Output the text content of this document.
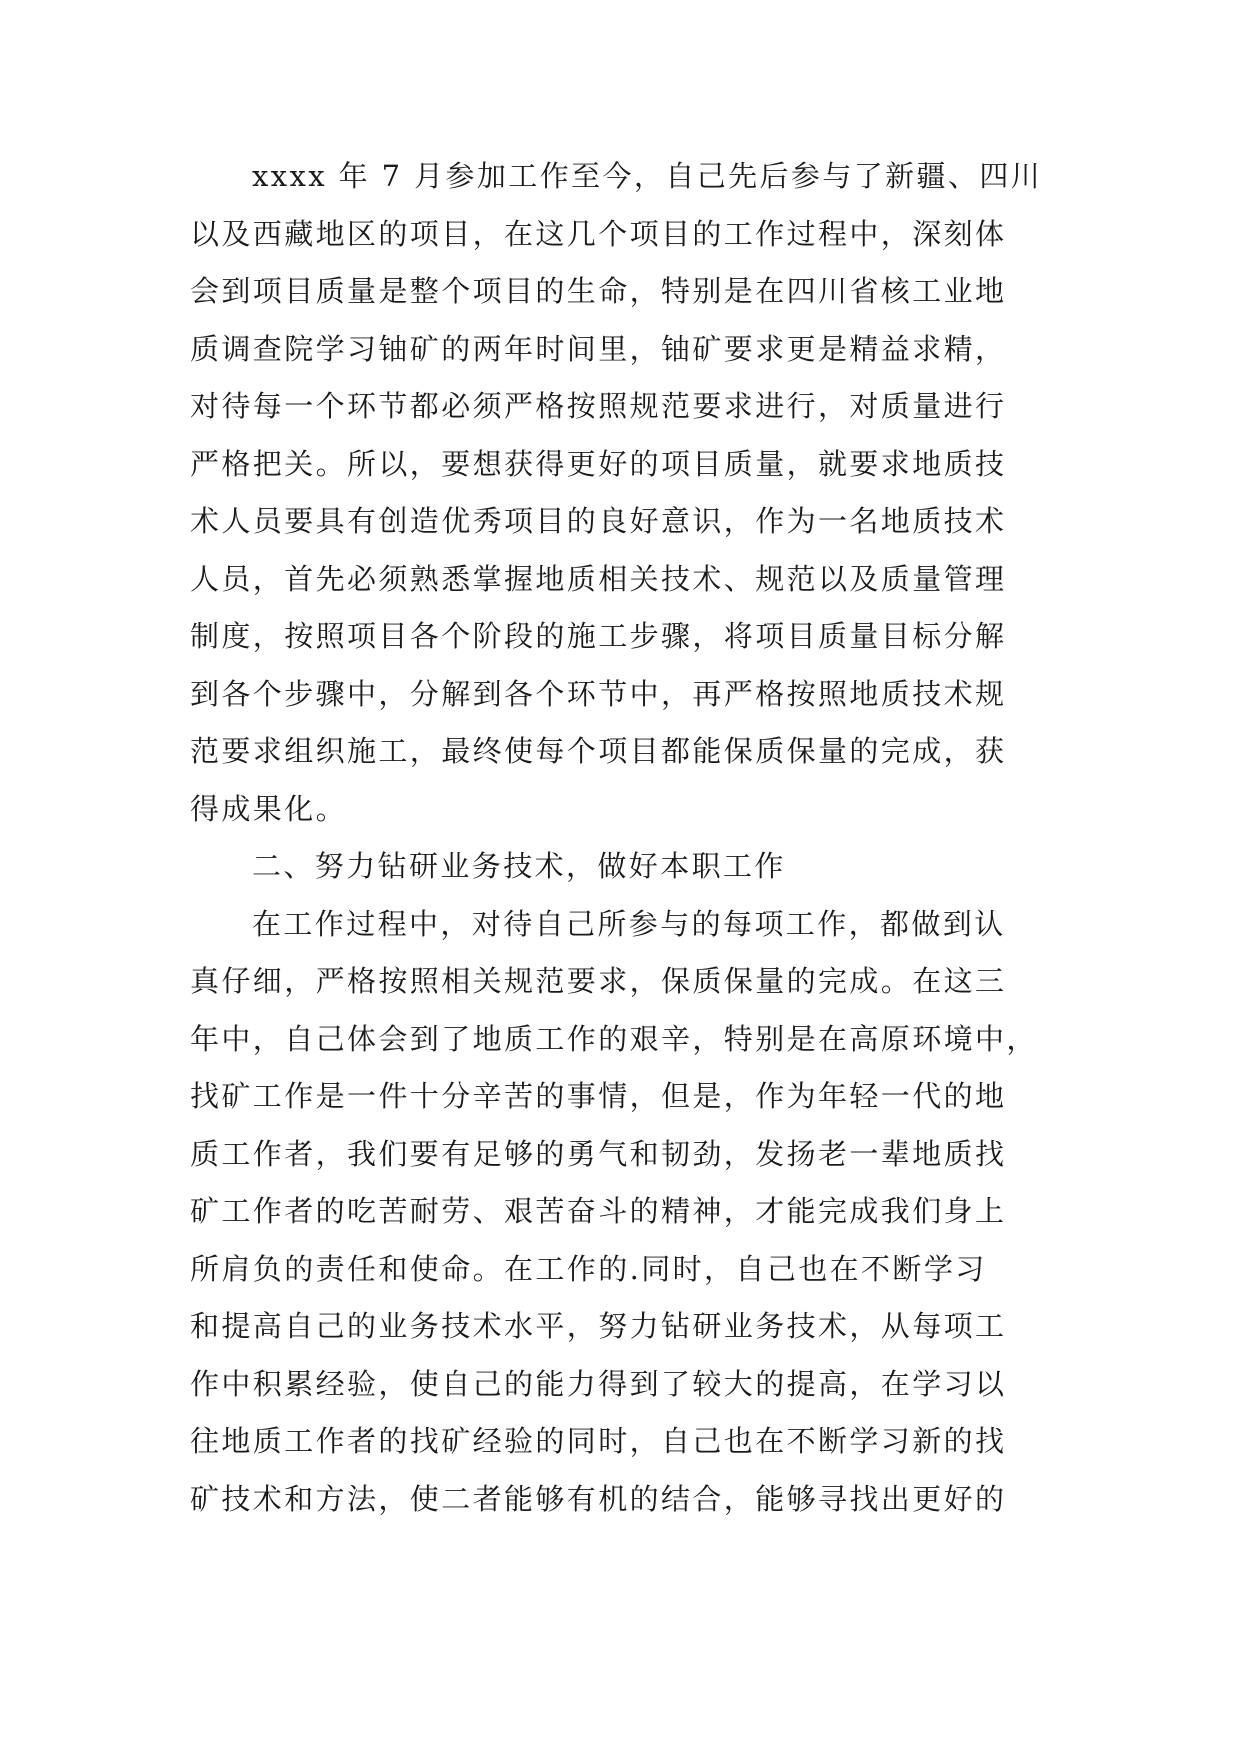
xxxx 年 7 月参加工作至今，自己先后参与了新疆、四川
以及西藏地区的项目，在这几个项目的工作过程中，深刻体
会到项目质量是整个项目的生命，特别是在四川省核工业地
质调查院学习铀矿的两年时间里，铀矿要求更是精益求精，
对待每一个环节都必须严格按照规范要求进行，对质量进行
严格把关。所以，要想获得更好的项目质量，就要求地质技
术人员要具有创造优秀项目的良好意识，作为一名地质技术
人员，首先必须熟悉掌握地质相关技术、规范以及质量管理
制度，按照项目各个阶段的施工步骤，将项目质量目标分解
到各个步骤中，分解到各个环节中，再严格按照地质技术规
范要求组织施工，最终使每个项目都能保质保量的完成，获
得成果化。
二、努力钻研业务技术，做好本职工作
在工作过程中，对待自己所参与的每项工作，都做到认
真仔细，严格按照相关规范要求，保质保量的完成。在这三
年中，自己体会到了地质工作的艰辛，特别是在高原环境中，
找矿工作是一件十分辛苦的事情，但是，作为年轻一代的地
质工作者，我们要有足够的勇气和韧劲，发扬老一辈地质找
矿工作者的吃苦耐劳、艰苦奋斗的精神，才能完成我们身上
所肩负的责任和使命。在工作的.同时，自己也在不断学习
和提高自己的业务技术水平，努力钻研业务技术，从每项工
作中积累经验，使自己的能力得到了较大的提高，在学习以
往地质工作者的找矿经验的同时，自己也在不断学习新的找
矿技术和方法，使二者能够有机的结合，能够寻找出更好的
